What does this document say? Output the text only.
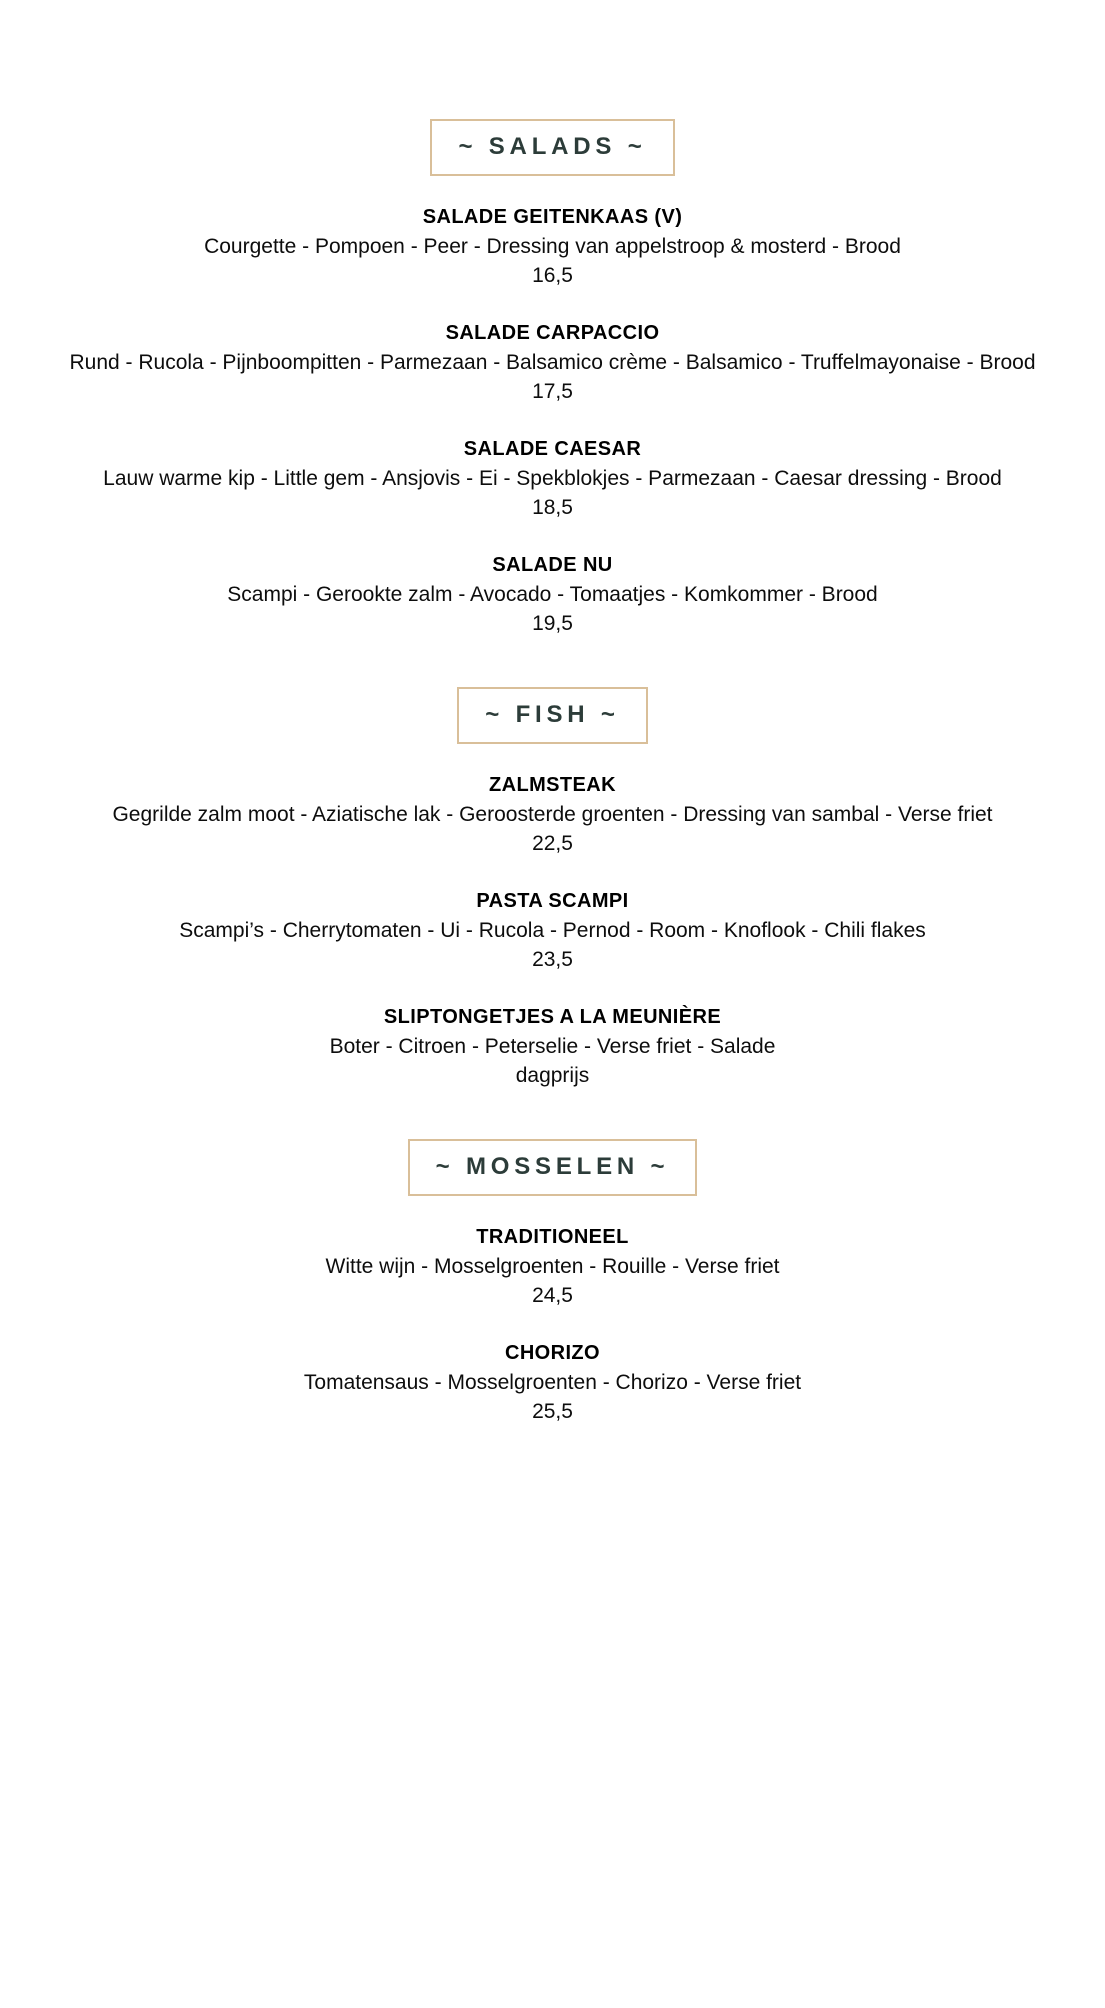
~ SALADS ~
SALADE GEITENKAAS (V)
Courgette - Pompoen - Peer - Dressing van appelstroop & mosterd - Brood
16,5
SALADE CARPACCIO
Rund - Rucola - Pijnboompitten - Parmezaan - Balsamico crème - Balsamico - Truffelmayonaise - Brood
17,5
SALADE CAESAR
Lauw warme kip - Little gem - Ansjovis - Ei - Spekblokjes - Parmezaan - Caesar dressing - Brood
18,5
SALADE NU
Scampi - Gerookte zalm - Avocado - Tomaatjes - Komkommer - Brood
19,5
~ FISH ~
ZALMSTEAK
Gegrilde zalm moot - Aziatische lak - Geroosterde groenten - Dressing van sambal - Verse friet
22,5
PASTA SCAMPI
Scampi’s - Cherrytomaten - Ui - Rucola - Pernod - Room - Knoflook - Chili flakes
23,5
SLIPTONGETJES A LA MEUNIÈRE
Boter - Citroen - Peterselie - Verse friet - Salade
dagprijs
~ MOSSELEN ~
TRADITIONEEL
Witte wijn - Mosselgroenten - Rouille - Verse friet
24,5
CHORIZO
Tomatensaus - Mosselgroenten - Chorizo - Verse friet
25,5
